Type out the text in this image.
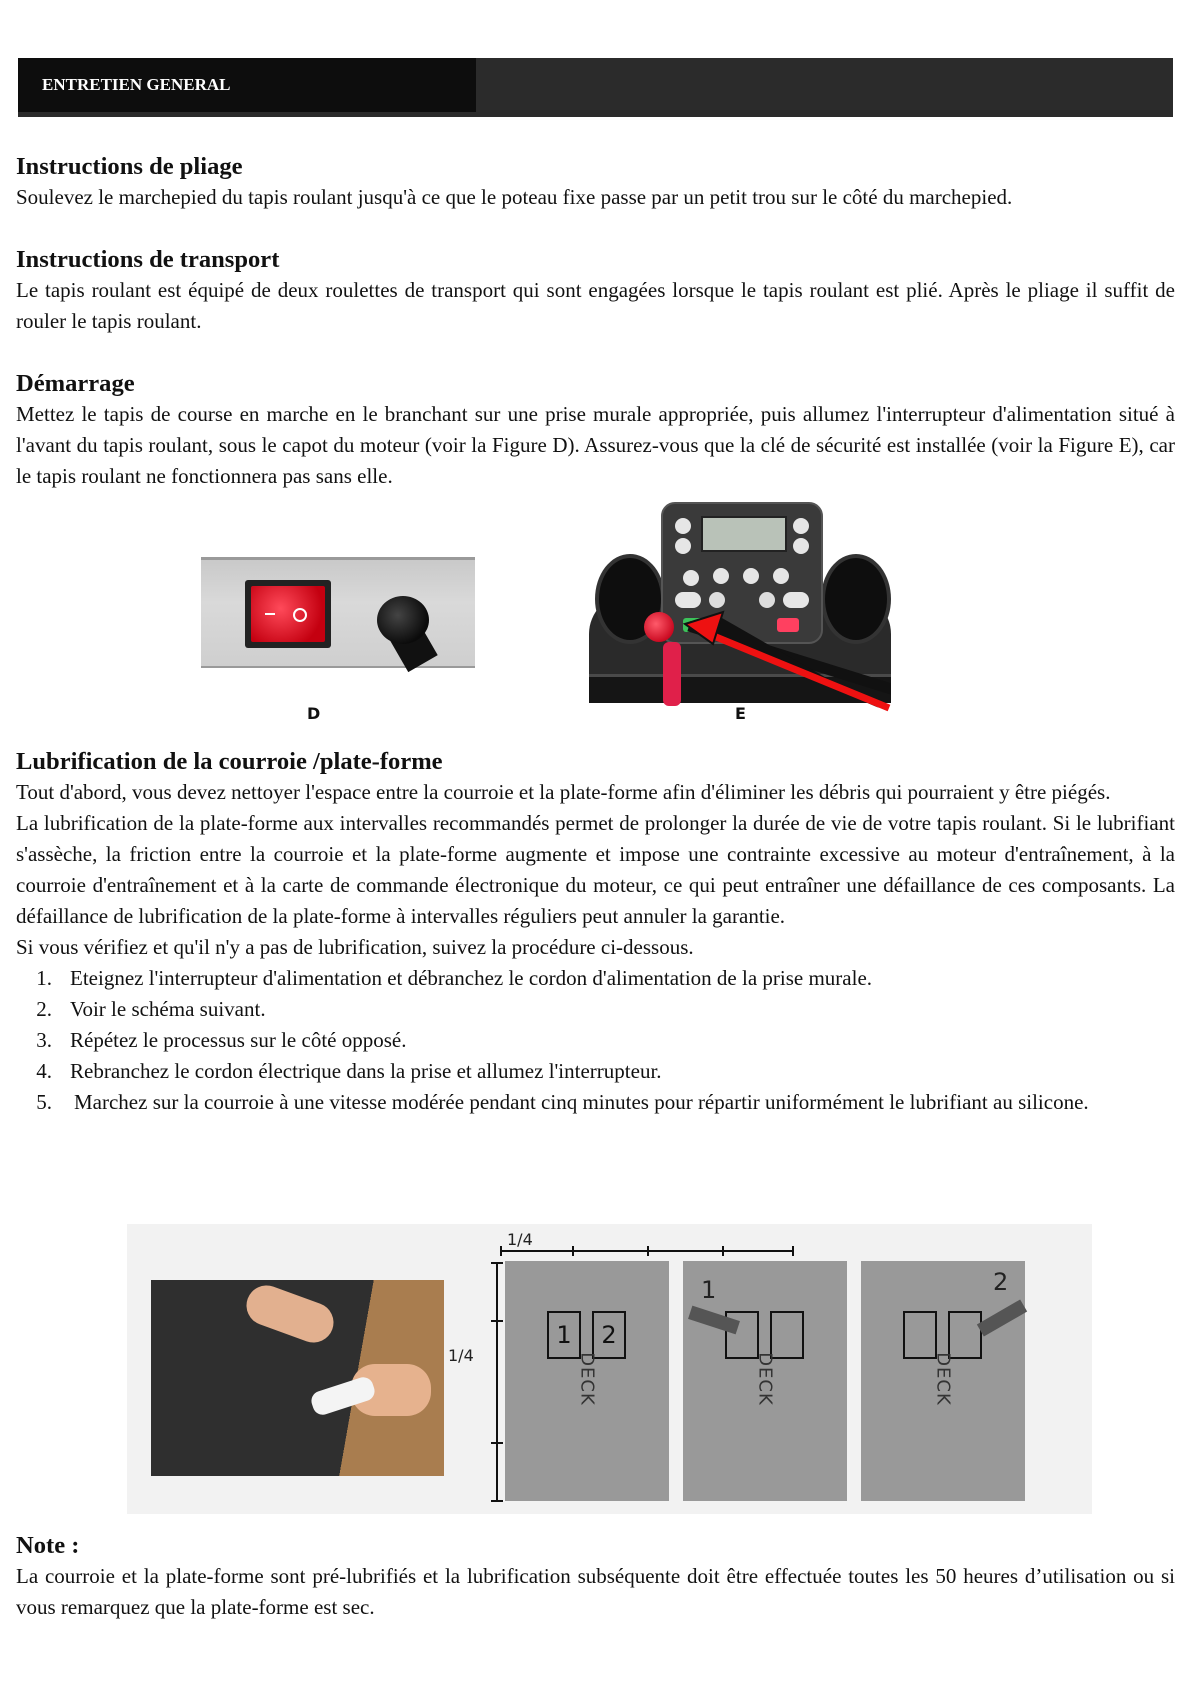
ENTRETIEN GENERAL
Instructions de pliage

Soulevez le marchepied du tapis roulant jusqu'à ce que le poteau fixe passe par un petit trou sur le côté du marchepied.

Instructions de transport

Le tapis roulant est équipé de deux roulettes de transport qui sont engagées lorsque le tapis roulant est plié. Après le pliage il suffit de rouler le tapis roulant.

Démarrage

Mettez le tapis de course en marche en le branchant sur une prise murale appropriée, puis allumez l'interrupteur d'alimentation situé à l'avant du tapis roulant, sous le capot du moteur (voir la Figure D). Assurez-vous que la clé de sécurité est installée (voir la Figure E), car le tapis roulant ne fonctionnera pas sans elle.

D	E
Lubrification de la courroie /plate-forme

Tout d'abord, vous devez nettoyer l'espace entre la courroie et la plate-forme afin d'éliminer les débris qui pourraient y être piégés.

La lubrification de la plate-forme aux intervalles recommandés permet de prolonger la durée de vie de votre tapis roulant. Si le lubrifiant s'assèche, la friction entre la courroie et la plate-forme augmente et impose une contrainte excessive au moteur d'entraînement, à la courroie d'entraînement et à la carte de commande électronique du moteur, ce qui peut entraîner une défaillance de ces composants. La défaillance de lubrification de la plate-forme à intervalles réguliers peut annuler la garantie.

Si vous vérifiez et qu'il n'y a pas de lubrification, suivez la procédure ci-dessous.

1. Eteignez l'interrupteur d'alimentation et débranchez le cordon d'alimentation de la prise murale.
2. Voir le schéma suivant.
3. Répétez le processus sur le côté opposé.
4. Rebranchez le cordon électrique dans la prise et allumez l'interrupteur.

5. Marchez sur la courroie à une vitesse modérée pendant cinq minutes pour répartir uniformément le lubrifiant au silicone.

1/4
1/4
1	2
DECK
1
DECK
2
DECK
Note :

La courroie et la plate-forme sont pré-lubrifiés et la lubrification subséquente doit être effectuée toutes les 50 heures d’utilisation ou si vous remarquez que la plate-forme est sec.
